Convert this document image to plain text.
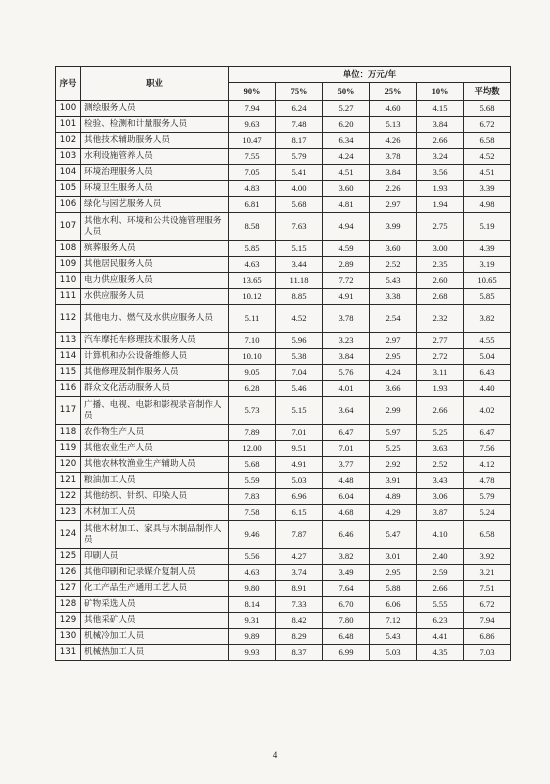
序号	职业	单位：万元/年					
		90%	75%	50%	25%	10%	平均数
100	测绘服务人员	7.94	6.24	5.27	4.60	4.15	5.68
101	检验、检测和计量服务人员	9.63	7.48	6.20	5.13	3.84	6.72
102	其他技术辅助服务人员	10.47	8.17	6.34	4.26	2.66	6.58
103	水利设施管养人员	7.55	5.79	4.24	3.78	3.24	4.52
104	环境治理服务人员	7.05	5.41	4.51	3.84	3.56	4.51
105	环境卫生服务人员	4.83	4.00	3.60	2.26	1.93	3.39
106	绿化与园艺服务人员	6.81	5.68	4.81	2.97	1.94	4.98
107	其他水利、环境和公共设施管理服务人员	8.58	7.63	4.94	3.99	2.75	5.19
108	殡葬服务人员	5.85	5.15	4.59	3.60	3.00	4.39
109	其他居民服务人员	4.63	3.44	2.89	2.52	2.35	3.19
110	电力供应服务人员	13.65	11.18	7.72	5.43	2.60	10.65
111	水供应服务人员	10.12	8.85	4.91	3.38	2.68	5.85
112	其他电力、燃气及水供应服务人员	5.11	4.52	3.78	2.54	2.32	3.82
113	汽车摩托车修理技术服务人员	7.10	5.96	3.23	2.97	2.77	4.55
114	计算机和办公设备维修人员	10.10	5.38	3.84	2.95	2.72	5.04
115	其他修理及制作服务人员	9.05	7.04	5.76	4.24	3.11	6.43
116	群众文化活动服务人员	6.28	5.46	4.01	3.66	1.93	4.40
117	广播、电视、电影和影视录音制作人员	5.73	5.15	3.64	2.99	2.66	4.02
118	农作物生产人员	7.89	7.01	6.47	5.97	5.25	6.47
119	其他农业生产人员	12.00	9.51	7.01	5.25	3.63	7.56
120	其他农林牧渔业生产辅助人员	5.68	4.91	3.77	2.92	2.52	4.12
121	粮油加工人员	5.59	5.03	4.48	3.91	3.43	4.78
122	其他纺织、针织、印染人员	7.83	6.96	6.04	4.89	3.06	5.79
123	木材加工人员	7.58	6.15	4.68	4.29	3.87	5.24
124	其他木材加工、家具与木制品制作人员	9.46	7.87	6.46	5.47	4.10	6.58
125	印刷人员	5.56	4.27	3.82	3.01	2.40	3.92
126	其他印刷和记录媒介复制人员	4.63	3.74	3.49	2.95	2.59	3.21
127	化工产品生产通用工艺人员	9.80	8.91	7.64	5.88	2.66	7.51
128	矿物采选人员	8.14	7.33	6.70	6.06	5.55	6.72
129	其他采矿人员	9.31	8.42	7.80	7.12	6.23	7.94
130	机械冷加工人员	9.89	8.29	6.48	5.43	4.41	6.86
131	机械热加工人员	9.93	8.37	6.99	5.03	4.35	7.03
4
